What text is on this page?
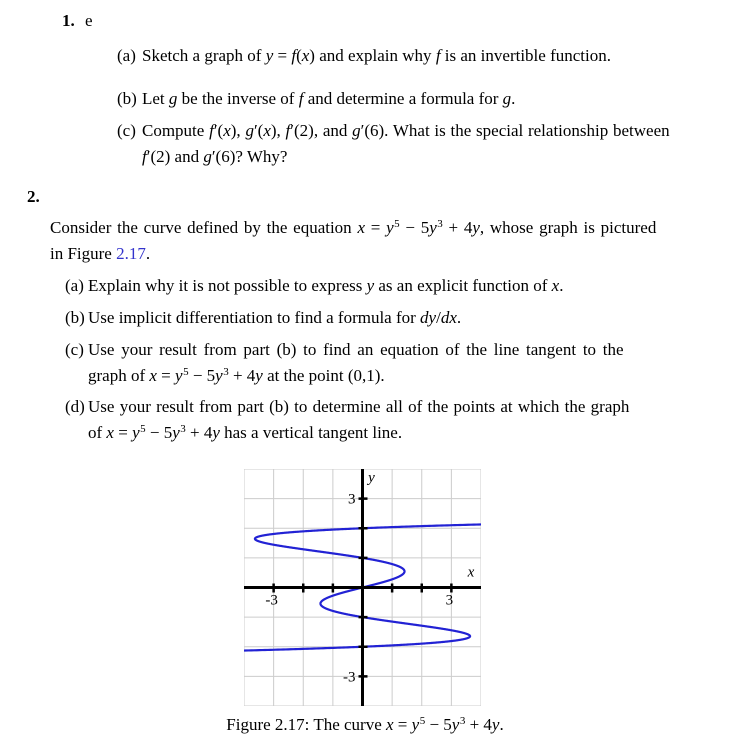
1. e
(a) Sketch a graph of y = f(x) and explain why f is an invertible function.
(b) Let g be the inverse of f and determine a formula for g.
(c) Compute f′(x), g′(x), f′(2), and g′(6). What is the special relationship between
f′(2) and g′(6)? Why?
2.
Consider the curve defined by the equation $x = y^5 - 5y^3 + 4y$, whose graph is pictured
in Figure 2.17.
(a) Explain why it is not possible to express y as an explicit function of x.
(b) Use implicit differentiation to find a formula for dy/dx.
(c) Use your result from part (b) to find an equation of the line tangent to the
graph of $x = y^5 - 5y^3 + 4y$ at the point (0,1).
(d) Use your result from part (b) to determine all of the points at which the graph
of $x = y^5 - 5y^3 + 4y$ has a vertical tangent line.
-3	3
3
-3
x
y
Figure 2.17: The curve $x = y^5 - 5y^3 + 4y$.
